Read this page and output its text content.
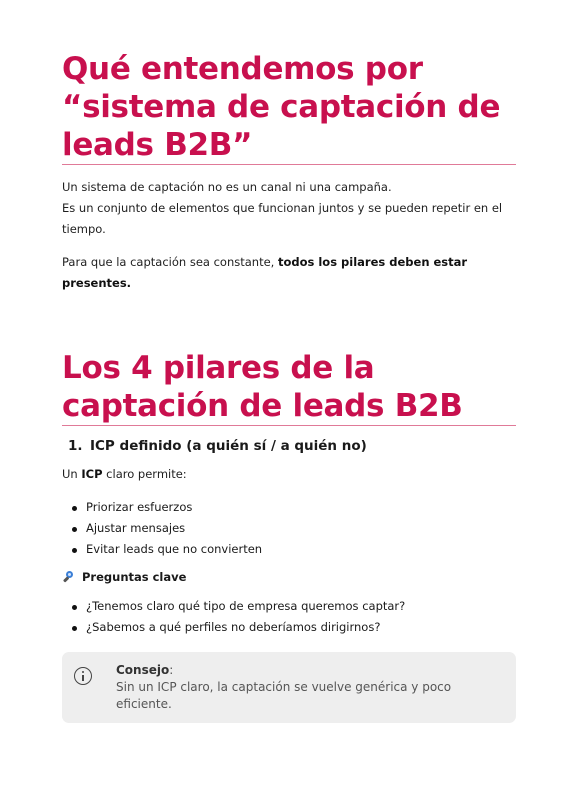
Qué entendemos por “sistema de captación de leads B2B”

Un sistema de captación no es un canal ni una campaña.

Es un conjunto de elementos que funcionan juntos y se pueden repetir en el tiempo.

Para que la captación sea constante, todos los pilares deben estar presentes.

Los 4 pilares de la captación de leads B2B
1. ICP definido (a quién sí / a quién no)

Un ICP claro permite:

Priorizar esfuerzos
Ajustar mensajes
Evitar leads que no convierten
Preguntas clave
¿Tenemos claro qué tipo de empresa queremos captar?
¿Sabemos a qué perfiles no deberíamos dirigirnos?
Consejo:
Sin un ICP claro, la captación se vuelve genérica y poco eficiente.
